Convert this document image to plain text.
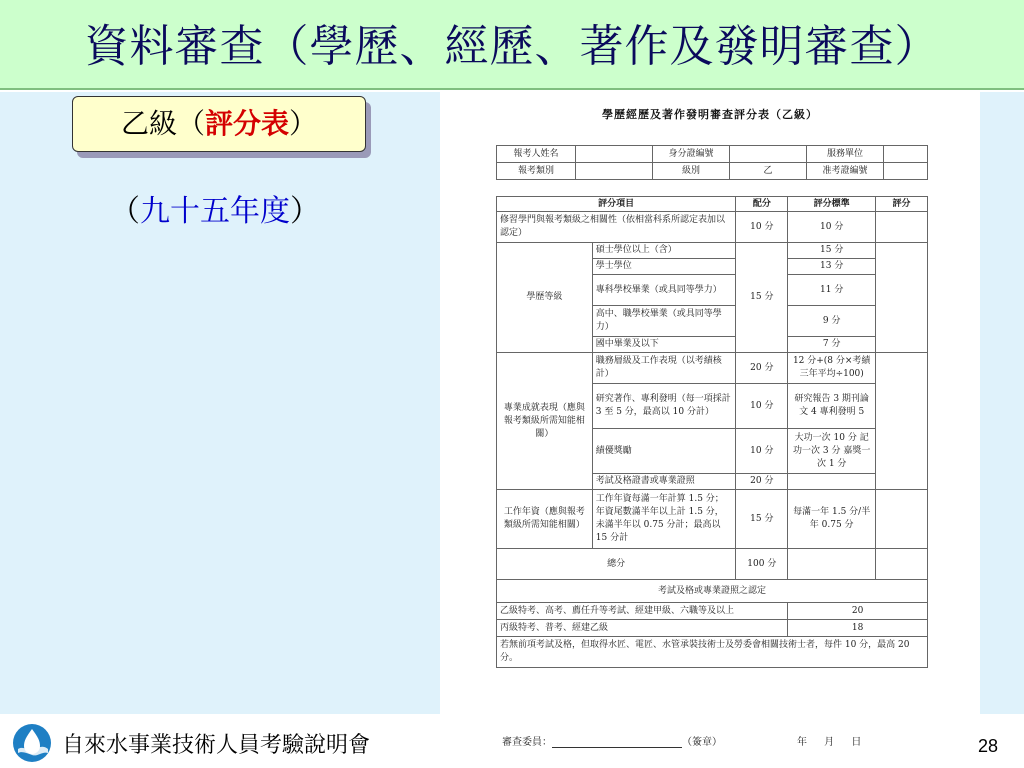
資料審查（學歷、經歷、著作及發明審查）
乙級（評分表）
（九十五年度）
學歷經歷及著作發明審查評分表（乙級）
報考人姓名		身分證編號		服務單位	
報考類別		級別	乙	准考證編號	
評分項目		配分	評分標準	評分
修習學門與報考類級之相關性（依相當科系所認定表加以認定）		10 分	10 分	
學歷等級	碩士學位以上（含）	15 分	15 分	
	學士學位		13 分	
	專科學校畢業（或具同等學力）		11 分	
	高中、職學校畢業（或具同等學力）		9 分	
	國中畢業及以下		7 分	
專業成就表現（應與報考類級所需知能相關）	職務層級及工作表現（以考績核計）	20 分	12 分+(8 分×考績三年平均÷100)	
	研究著作、專利發明（每一項採計 3 至 5 分，最高以 10 分計）	10 分	研究報告 3 期刊論文 4 專利發明 5	
	績優獎勵	10 分	大功一次 10 分 記功一次 3 分 嘉獎一次 1 分	
	考試及格證書或專業證照	20 分		
工作年資（應與報考類級所需知能相關）	工作年資每滿一年計算 1.5 分；年資尾數滿半年以上計 1.5 分，未滿半年以 0.75 分計；最高以 15 分計	15 分	每滿一年 1.5 分/半年 0.75 分	
總分		100 分		
考試及格或專業證照之認定				
乙級特考、高考、薦任升等考試、經建甲級、六職等及以上			20	
丙級特考、普考、經建乙級			18	
若無前項考試及格，但取得水匠、電匠、水管承裝技術士及勞委會相關技術士者，每件 10 分，最高 20 分。				
自來水事業技術人員考驗說明會	審查委員：	（簽章）	年 月 日	28
